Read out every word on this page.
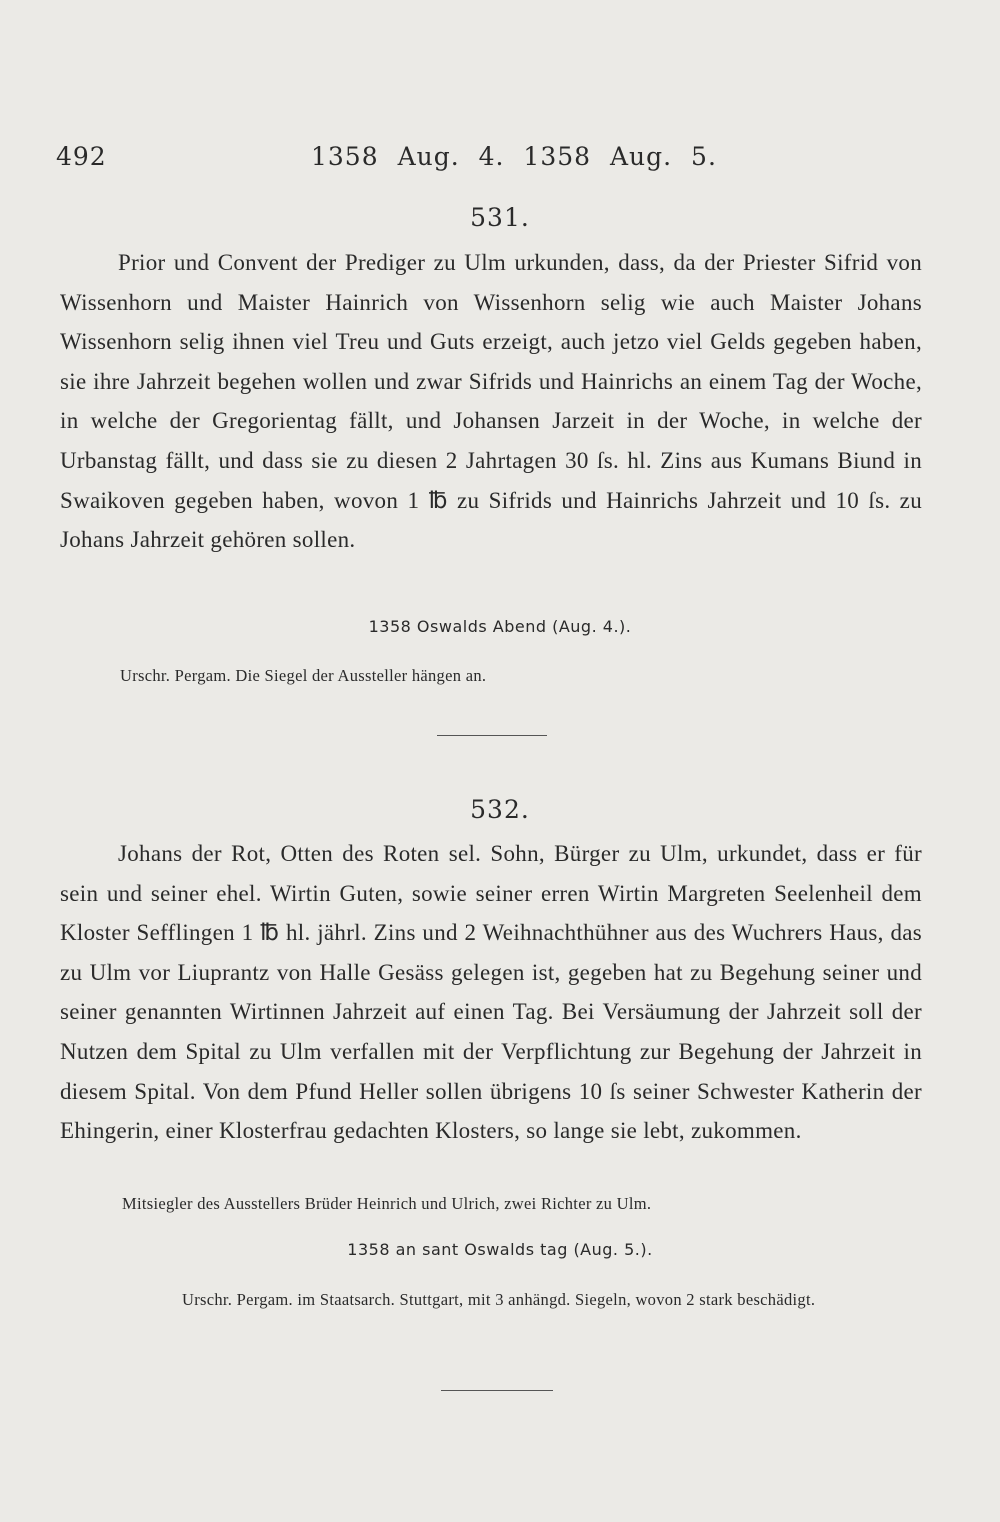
492	1358 Aug. 4. 1358 Aug. 5.
531.
Prior und Convent der Prediger zu Ulm urkunden, dass, da der Priester Sifrid von Wissenhorn und Maister Hainrich von Wissenhorn selig wie auch Maister Johans Wissenhorn selig ihnen viel Treu und Guts erzeigt, auch jetzo viel Gelds gegeben haben, sie ihre Jahrzeit begehen wollen und zwar Sifrids und Hainrichs an einem Tag der Woche, in welche der Gregorientag fällt, und Johansen Jarzeit in der Woche, in welche der Urbanstag fällt, und dass sie zu diesen 2 Jahrtagen 30 ſs. hl. Zins aus Kumans Biund in Swaikoven gegeben haben, wovon 1 ℔ zu Sifrids und Hainrichs Jahrzeit und 10 ſs. zu Johans Jahrzeit gehören sollen.
1358 Oswalds Abend (Aug. 4.).
Urschr. Pergam. Die Siegel der Aussteller hängen an.
532.
Johans der Rot, Otten des Roten sel. Sohn, Bürger zu Ulm, urkundet, dass er für sein und seiner ehel. Wirtin Guten, sowie seiner erren Wirtin Margreten Seelenheil dem Kloster Sefflingen 1 ℔ hl. jährl. Zins und 2 Weihnachthühner aus des Wuchrers Haus, das zu Ulm vor Liuprantz von Halle Gesäss gelegen ist, gegeben hat zu Begehung seiner und seiner genannten Wirtinnen Jahrzeit auf einen Tag. Bei Versäumung der Jahrzeit soll der Nutzen dem Spital zu Ulm verfallen mit der Verpflichtung zur Begehung der Jahrzeit in diesem Spital. Von dem Pfund Heller sollen übrigens 10 ſs seiner Schwester Katherin der Ehingerin, einer Klosterfrau gedachten Klosters, so lange sie lebt, zukommen.
Mitsiegler des Ausstellers Brüder Heinrich und Ulrich, zwei Richter zu Ulm.
1358 an sant Oswalds tag (Aug. 5.).
Urschr. Pergam. im Staatsarch. Stuttgart, mit 3 anhängd. Siegeln, wovon 2 stark beschädigt.
